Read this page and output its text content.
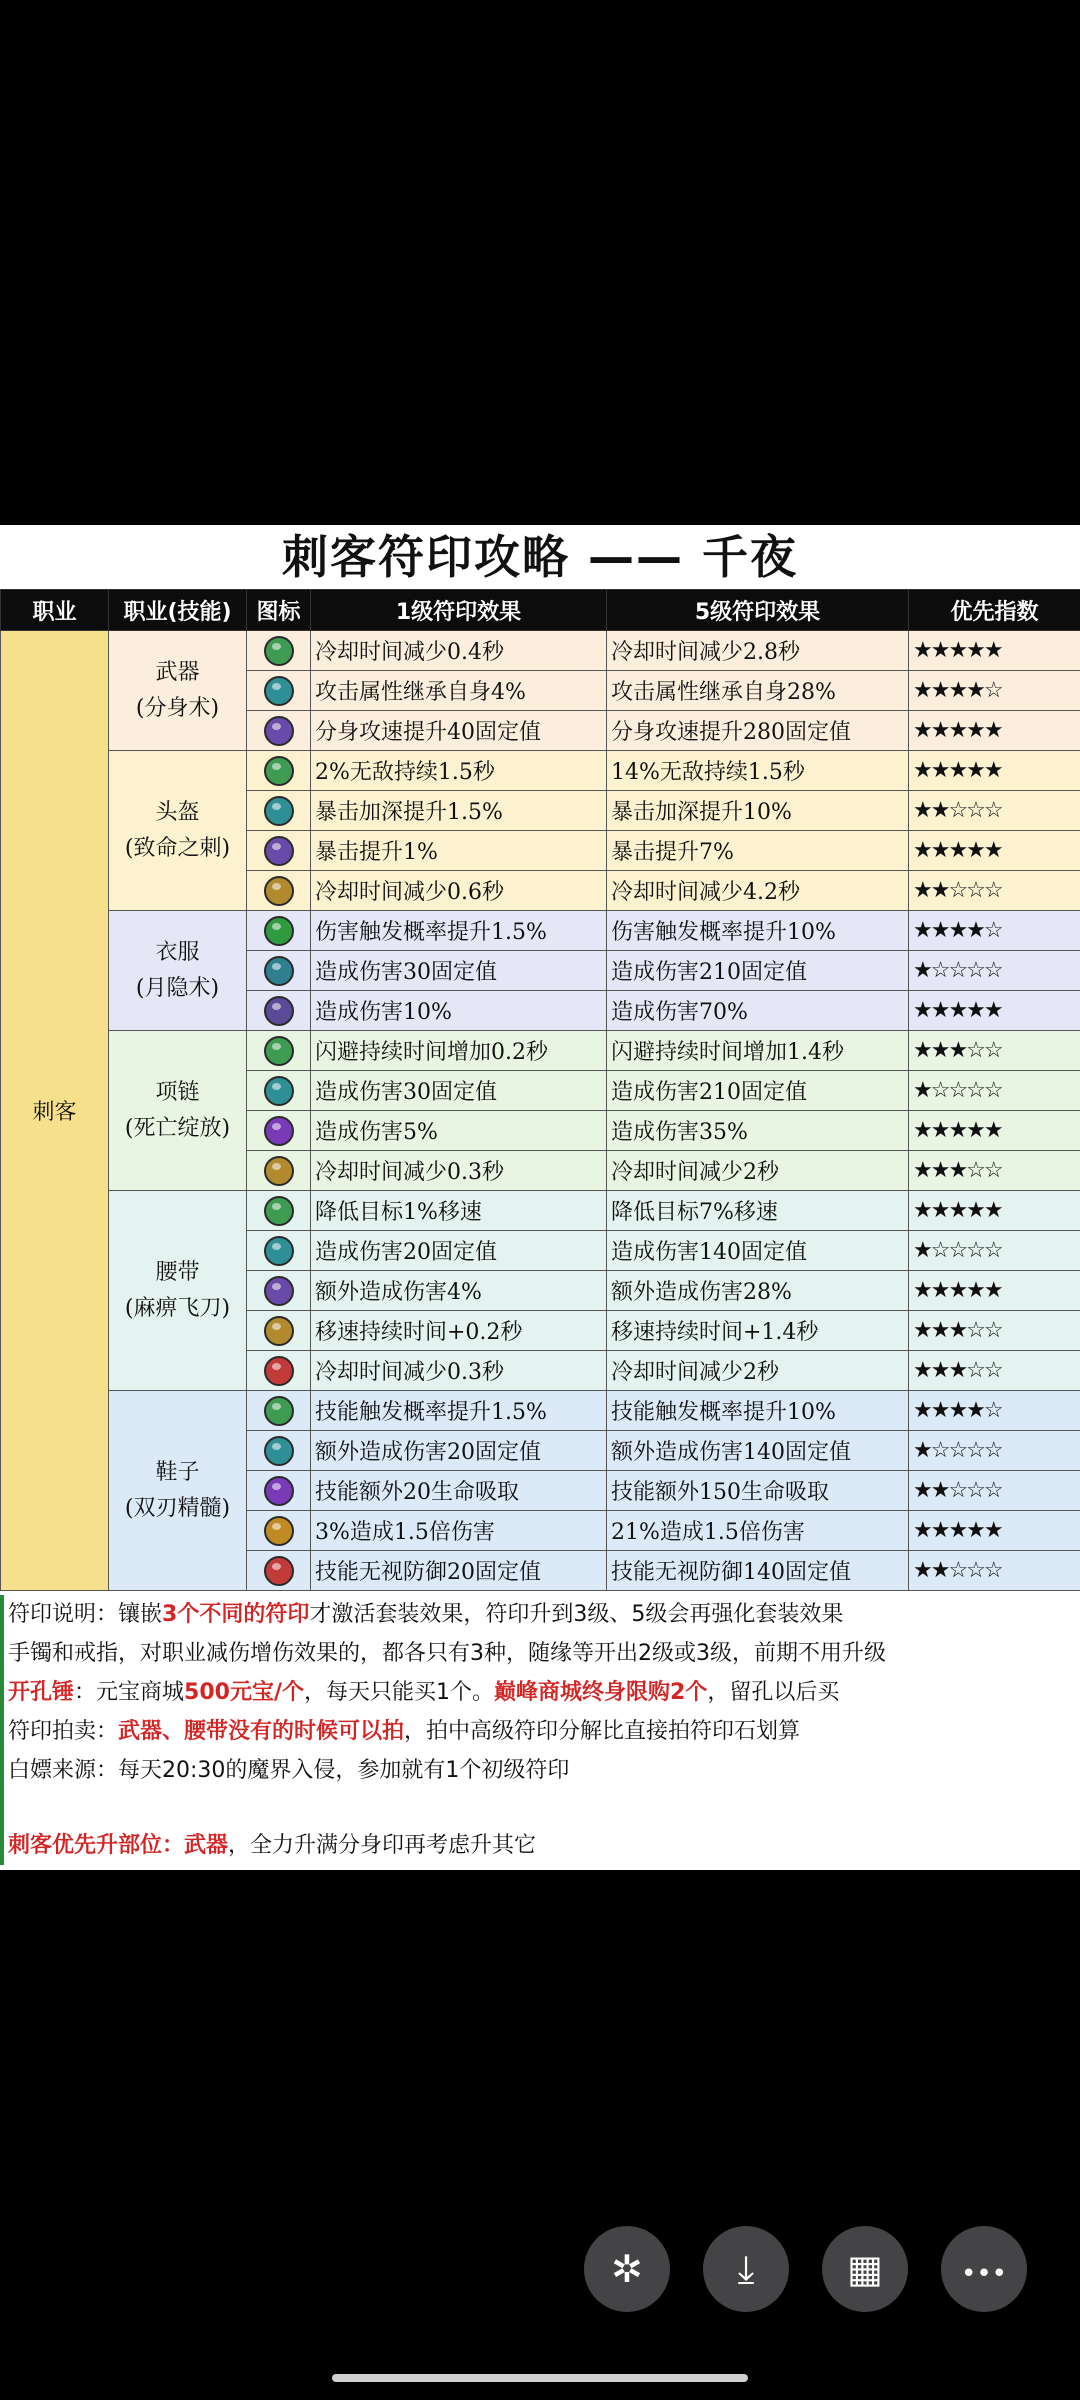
刺客符印攻略 —— 千夜
职业	职业(技能)	图标	1级符印效果	5级符印效果	优先指数
刺客	武器
(分身术)		冷却时间减少0.4秒	冷却时间减少2.8秒	★★★★★
			攻击属性继承自身4%	攻击属性继承自身28%	★★★★☆
			分身攻速提升40固定值	分身攻速提升280固定值	★★★★★

	头盔
(致命之刺)		2%无敌持续1.5秒	14%无敌持续1.5秒	★★★★★
			暴击加深提升1.5%	暴击加深提升10%	★★☆☆☆
			暴击提升1%	暴击提升7%	★★★★★
			冷却时间减少0.6秒	冷却时间减少4.2秒	★★☆☆☆

	衣服
(月隐术)		伤害触发概率提升1.5%	伤害触发概率提升10%	★★★★☆
			造成伤害30固定值	造成伤害210固定值	★☆☆☆☆
			造成伤害10%	造成伤害70%	★★★★★

	项链
(死亡绽放)		闪避持续时间增加0.2秒	闪避持续时间增加1.4秒	★★★☆☆
			造成伤害30固定值	造成伤害210固定值	★☆☆☆☆
			造成伤害5%	造成伤害35%	★★★★★
			冷却时间减少0.3秒	冷却时间减少2秒	★★★☆☆

	腰带
(麻痹飞刀)		降低目标1%移速	降低目标7%移速	★★★★★
			造成伤害20固定值	造成伤害140固定值	★☆☆☆☆
			额外造成伤害4%	额外造成伤害28%	★★★★★
			移速持续时间+0.2秒	移速持续时间+1.4秒	★★★☆☆
			冷却时间减少0.3秒	冷却时间减少2秒	★★★☆☆

	鞋子
(双刃精髓)		技能触发概率提升1.5%	技能触发概率提升10%	★★★★☆
			额外造成伤害20固定值	额外造成伤害140固定值	★☆☆☆☆
			技能额外20生命吸取	技能额外150生命吸取	★★☆☆☆
			3%造成1.5倍伤害	21%造成1.5倍伤害	★★★★★
			技能无视防御20固定值	技能无视防御140固定值	★★☆☆☆
符印说明：镶嵌3个不同的符印才激活套装效果，符印升到3级、5级会再强化套装效果
手镯和戒指，对职业减伤增伤效果的，都各只有3种，随缘等开出2级或3级，前期不用升级
开孔锤：元宝商城500元宝/个，每天只能买1个。巅峰商城终身限购2个，留孔以后买
符印拍卖：武器、腰带没有的时候可以拍，拍中高级符印分解比直接拍符印石划算
白嫖来源：每天20:30的魔界入侵，参加就有1个初级符印
刺客优先升部位：武器，全力升满分身印再考虑升其它
✲	⤓	▦	•••
